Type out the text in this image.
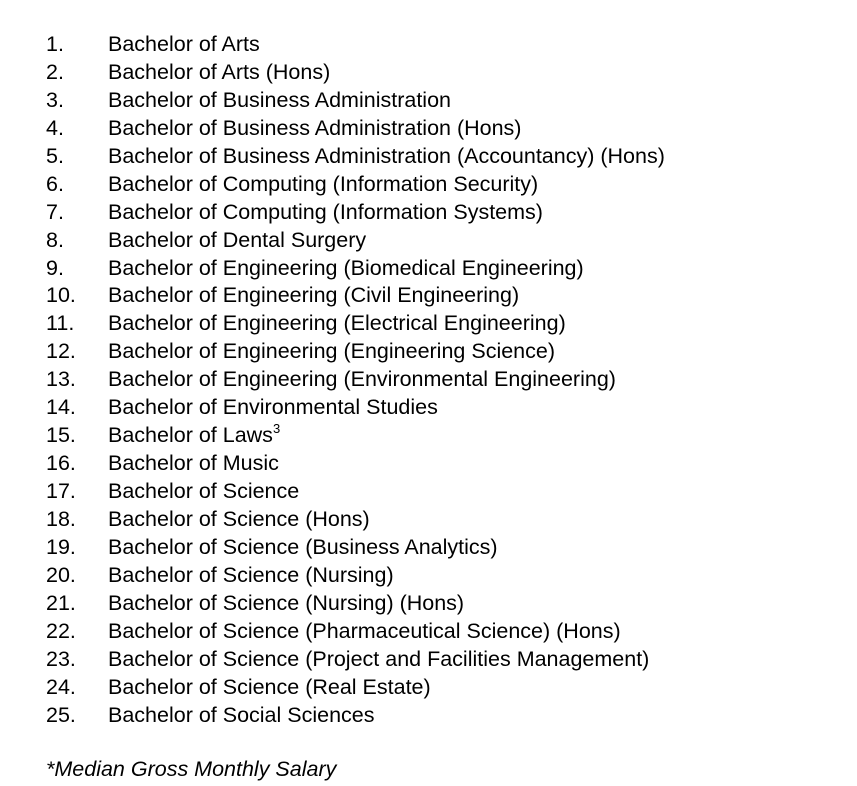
1.	Bachelor of Arts
2.	Bachelor of Arts (Hons)
3.	Bachelor of Business Administration
4.	Bachelor of Business Administration (Hons)
5.	Bachelor of Business Administration (Accountancy) (Hons)
6.	Bachelor of Computing (Information Security)
7.	Bachelor of Computing (Information Systems)
8.	Bachelor of Dental Surgery
9.	Bachelor of Engineering (Biomedical Engineering)
10.	Bachelor of Engineering (Civil Engineering)
11.	Bachelor of Engineering (Electrical Engineering)
12.	Bachelor of Engineering (Engineering Science)
13.	Bachelor of Engineering (Environmental Engineering)
14.	Bachelor of Environmental Studies
15.	Bachelor of Laws$^3$
16.	Bachelor of Music
17.	Bachelor of Science
18.	Bachelor of Science (Hons)
19.	Bachelor of Science (Business Analytics)
20.	Bachelor of Science (Nursing)
21.	Bachelor of Science (Nursing) (Hons)
22.	Bachelor of Science (Pharmaceutical Science) (Hons)
23.	Bachelor of Science (Project and Facilities Management)
24.	Bachelor of Science (Real Estate)
25.	Bachelor of Social Sciences

*Median Gross Monthly Salary
